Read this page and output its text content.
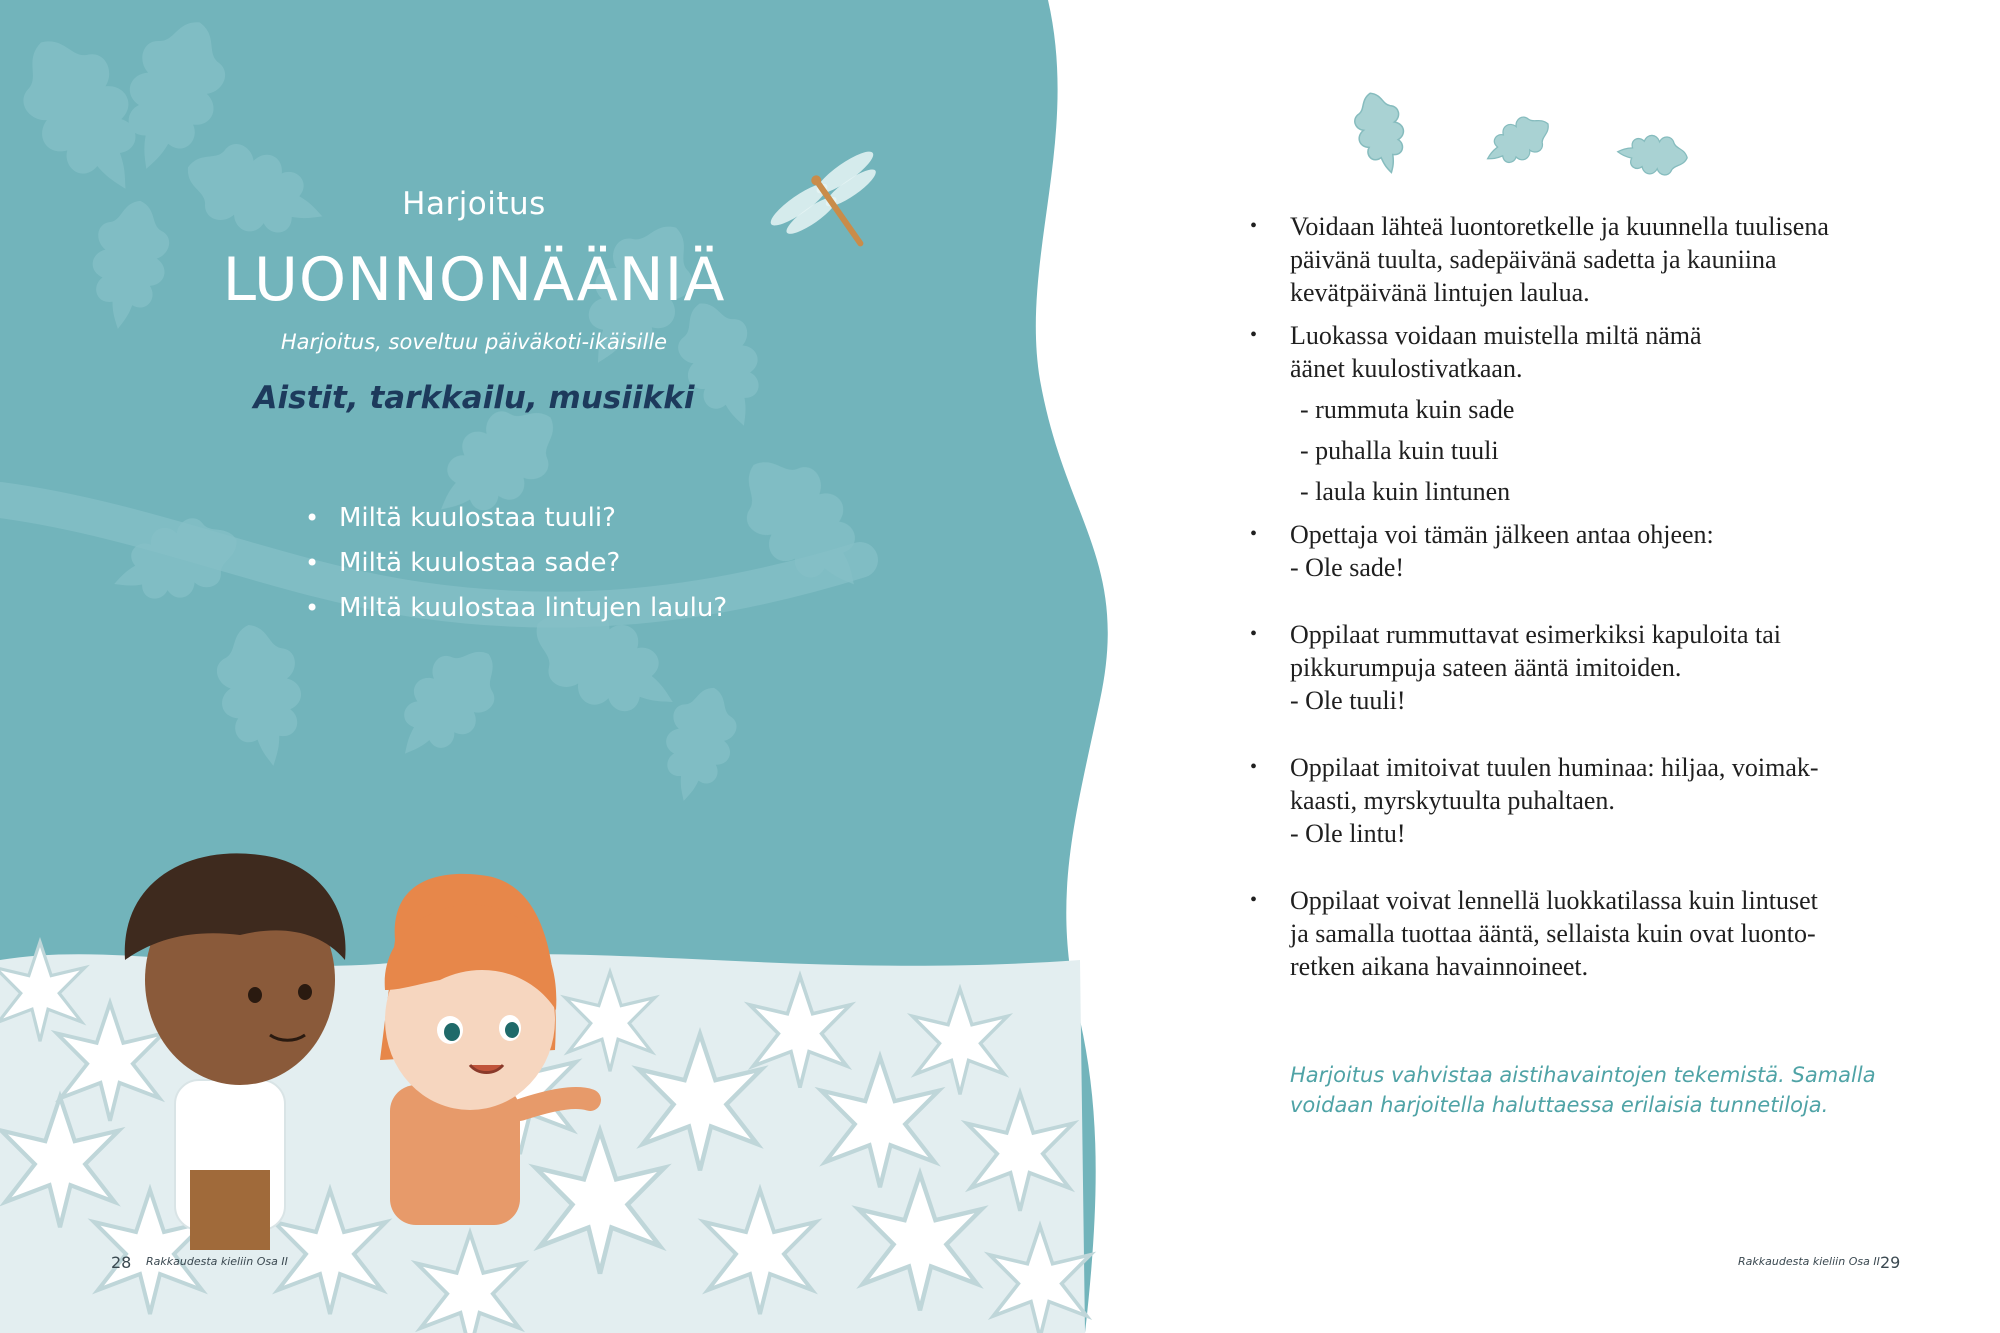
Harjoitus
LUONNONÄÄNIÄ
Harjoitus, soveltuu päiväkoti-ikäisille
Aistit, tarkkailu, musiikki
• Miltä kuulostaa tuuli?
• Miltä kuulostaa sade?
• Miltä kuulostaa lintujen laulu?
28 Rakkaudesta kieliin Osa II
• Voidaan lähteä luontoretkelle ja kuunnella tuulisena
päivänä tuulta, sadepäivänä sadetta ja kauniina
kevätpäivänä lintujen laulua.
• Luokassa voidaan muistella miltä nämä
äänet kuulostivatkaan.
- rummuta kuin sade
- puhalla kuin tuuli
- laula kuin lintunen
• Opettaja voi tämän jälkeen antaa ohjeen:
- Ole sade!
• Oppilaat rummuttavat esimerkiksi kapuloita tai
pikkurumpuja sateen ääntä imitoiden.
- Ole tuuli!
• Oppilaat imitoivat tuulen huminaa: hiljaa, voimak-
kaasti, myrskytuulta puhaltaen.
- Ole lintu!
• Oppilaat voivat lennellä luokkatilassa kuin lintuset
ja samalla tuottaa ääntä, sellaista kuin ovat luonto-
retken aikana havainnoineet.
Harjoitus vahvistaa aistihavaintojen tekemistä. Samalla
voidaan harjoitella haluttaessa erilaisia tunnetiloja.
Rakkaudesta kieliin Osa II 29
